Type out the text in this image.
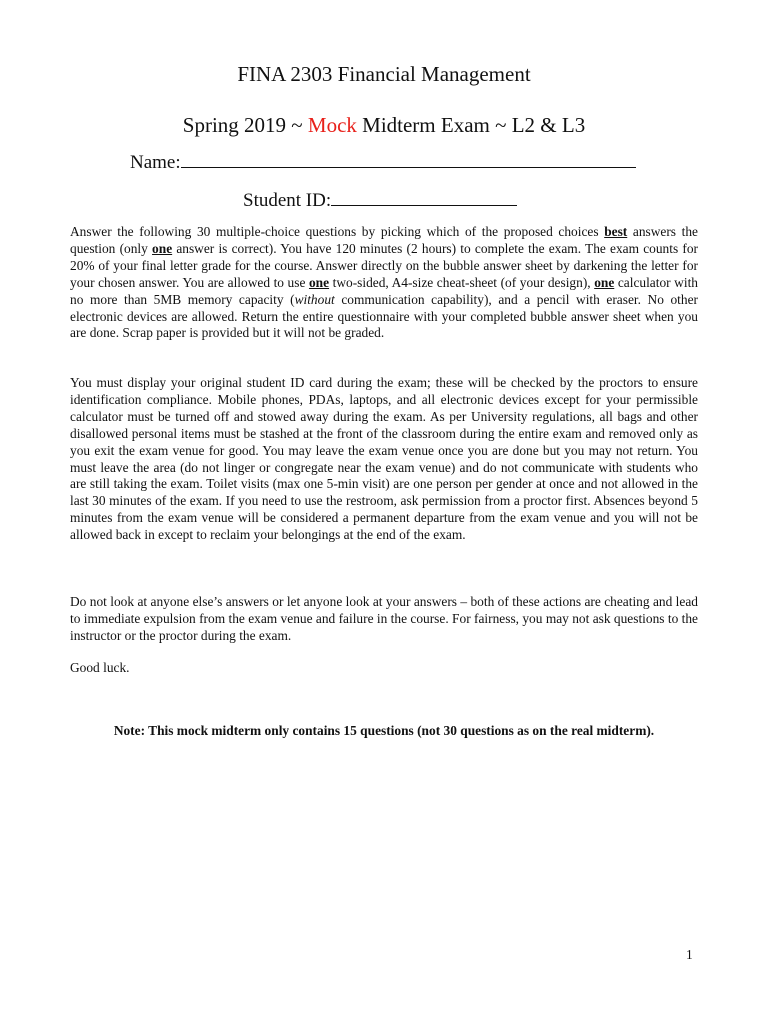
FINA 2303 Financial Management
Spring 2019 ~ Mock Midterm Exam ~ L2 & L3
Name:
Student ID:

Answer the following 30 multiple-choice questions by picking which of the proposed choices best answers the question (only one answer is correct). You have 120 minutes (2 hours) to complete the exam. The exam counts for 20% of your final letter grade for the course. Answer directly on the bubble answer sheet by darkening the letter for your chosen answer. You are allowed to use one two-sided, A4-size cheat-sheet (of your design), one calculator with no more than 5MB memory capacity (without communication capability), and a pencil with eraser. No other electronic devices are allowed. Return the entire questionnaire with your completed bubble answer sheet when you are done. Scrap paper is provided but it will not be graded.

You must display your original student ID card during the exam; these will be checked by the proctors to ensure identification compliance. Mobile phones, PDAs, laptops, and all electronic devices except for your permissible calculator must be turned off and stowed away during the exam. As per University regulations, all bags and other disallowed personal items must be stashed at the front of the classroom during the entire exam and removed only as you exit the exam venue for good. You may leave the exam venue once you are done but you may not return. You must leave the area (do not linger or congregate near the exam venue) and do not communicate with students who are still taking the exam. Toilet visits (max one 5-min visit) are one person per gender at once and not allowed in the last 30 minutes of the exam. If you need to use the restroom, ask permission from a proctor first. Absences beyond 5 minutes from the exam venue will be considered a permanent departure from the exam venue and you will not be allowed back in except to reclaim your belongings at the end of the exam.

Do not look at anyone else’s answers or let anyone look at your answers – both of these actions are cheating and lead to immediate expulsion from the exam venue and failure in the course. For fairness, you may not ask questions to the instructor or the proctor during the exam.

Good luck.

Note: This mock midterm only contains 15 questions (not 30 questions as on the real midterm).
1
